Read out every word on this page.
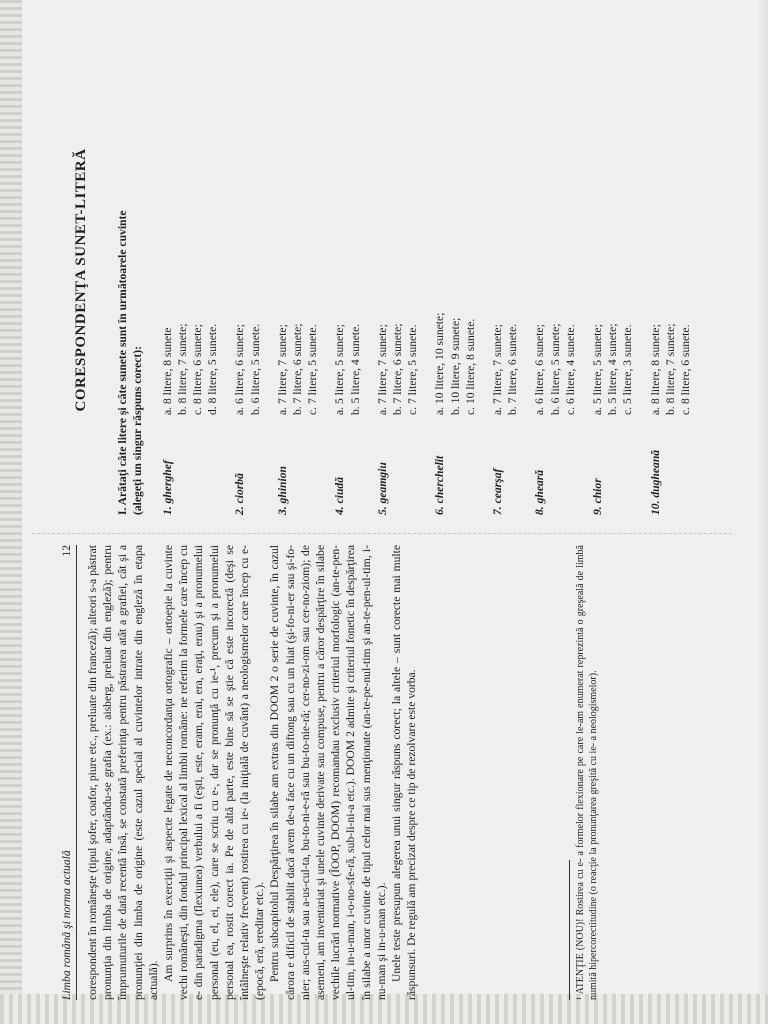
Limba română şi norma actuală
12 corespondent în româneşte (tipul şofer, coafor, piure etc., preluate din franceză); alteori s-a păstrat pronunţia din limba de origine, adaptându-se grafia (ex.: aisberg, preluat din engleză); pentru împrumuturile de dată recentă însă, se constată preferinţa pentru păstrarea atât a grafiei, cât şi a pronunţiei din limba de origine (este cazul special al cuvintelor intrate din engleză în etapa actuală). Am surprins în exerciţii şi aspecte legate de neconcordanţa ortografic – ortoepie la cuvinte vechi româneşti, din fondul principal lexical al limbii române: ne referim la formele care încep cu e- din paradigma (flexiunea) verbului a fi (eşti, este, eram, erai, era, eraţi, erau) şi a pronumelui personal (eu, el, ei, ele), care se scriu cu e-, dar se pronunţă cu ie-¹, precum şi a pronumelui personal ea, rostit corect ia. Pe de altă parte, este bine să se ştie că este incorectă (deşi se întâlneşte relativ frecvent) rostirea cu ie- (la iniţială de cuvânt) a neologismelor care încep cu e- (epocă, eră, ereditar etc.). Pentru subcapitolul Despărţirea în silabe am extras din DOOM 2 o serie de cuvinte, în cazul cărora e dificil de stabilit dacă avem de-a face cu un diftong sau cu un hiat (şi-fo-ni-er sau şi-fo-nier; aus-cul-ta sau a-us-cul-ta, bu-to-ni-e-ră sau bu-to-nie-ră; cer-no-zi-om sau cer-no-ziom); de asemeni, am inventariat şi unele cuvinte derivate sau compuse, pentru a căror despărţire în silabe vechile lucrări normative (ÎOOP, DOOM) recomandau exclusiv criteriul morfologic (an-te-pen-ul-tim, in-u-man, i-o-no-sfe-ră, sub-li-ni-a etc.). DOOM 2 admite şi criteriul fonetic în despărţirea în silabe a unor cuvinte de tipul celor mai sus menţionate (an-te-pe-nul-tim şi an-te-pen-ul-tim, i-nu-man şi in-u-man etc.). Unele teste presupun alegerea unui singur răspuns corect; la altele – sunt corecte mai multe răspunsuri. De regulă am precizat despre ce tip de rezolvare este vorba.	¹ ATENŢIE (NOU)! Rostirea cu e- a formelor flexionare pe care le-am enumerat reprezintă o greşeală de limbă numită hipercorectitudine (o reacţie la pronunţarea greşită cu ie- a neologismelor).
CORESPONDENŢA SUNET-LITERĂ I. Arătaţi câte litere şi câte sunete sunt în următoarele cuvinte (alegeţi un singur răspuns corect): 1. gherghef
a. 8 litere, 8 sunete b. 8 litere, 7 sunete; c. 8 litere, 6 sunete; d. 8 litere, 5 sunete.
2. ciorbă
a. 6 litere, 6 sunete; b. 6 litere, 5 sunete.
3. ghinion
a. 7 litere, 7 sunete; b. 7 litere, 6 sunete; c. 7 litere, 5 sunete.
4. ciudă
a. 5 litere, 5 sunete; b. 5 litere, 4 sunete.
5. geamgiu
a. 7 litere, 7 sunete; b. 7 litere, 6 sunete; c. 7 litere, 5 sunete.
6. cherchelit
a. 10 litere, 10 sunete; b. 10 litere, 9 sunete; c. 10 litere, 8 sunete.
7. cearşaf
a. 7 litere, 7 sunete; b. 7 litere, 6 sunete.
8. gheară
a. 6 litere, 6 sunete; b. 6 litere, 5 sunete; c. 6 litere, 4 sunete.
9. chior
a. 5 litere, 5 sunete; b. 5 litere, 4 sunete; c. 5 litere, 3 sunete.
10. dugheană
a. 8 litere, 8 sunete; b. 8 litere, 7 sunete; c. 8 litere, 6 sunete.
